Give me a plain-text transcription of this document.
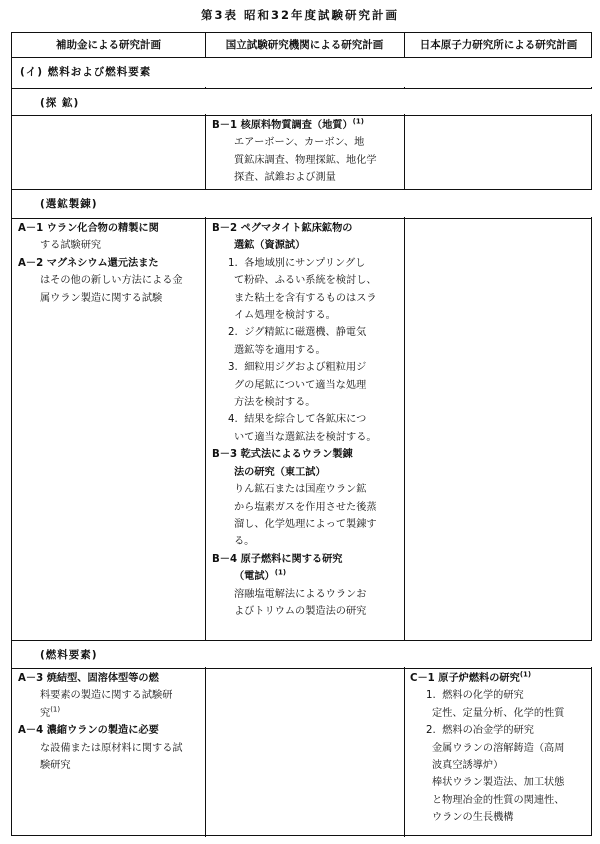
第3表 昭和32年度試験研究計画
補助金による研究計画	国立試験研究機関による研究計画	日本原子力研究所による研究計画
(イ) 燃料および燃料要素
(探 鉱)
B－1 核原料物質調査（地質）$^{(1)}$
エアーボーン、カーボン、地
質鉱床調査、物理探鉱、地化学
探査、試錐および測量
(選鉱製錬)
A－1 ウラン化合物の精製に関
する試験研究
A－2 マグネシウム還元法また
はその他の新しい方法による金
属ウラン製造に関する試験
B－2 ペグマタイト鉱床鉱物の
選鉱（資源試）
1. 各地域別にサンプリングし
て粉砕、ふるい系統を検討し、
また粘土を含有するものはスラ
イム処理を検討する。
2. ジグ精鉱に磁選機、静電気
選鉱等を適用する。
3. 細粒用ジグおよび粗粒用ジ
グの尾鉱について適当な処理
方法を検討する。
4. 結果を綜合して各鉱床につ
いて適当な選鉱法を検討する。
B－3 乾式法によるウラン製錬
法の研究（東工試）
りん鉱石または国産ウラン鉱
から塩素ガスを作用させた後蒸
溜し、化学処理によって製錬す
る。
B－4 原子燃料に関する研究
（電試）$^{(1)}$
溶融塩電解法によるウランお
よびトリウムの製造法の研究
(燃料要素)
A－3 焼結型、固溶体型等の燃
料要素の製造に関する試験研
究$^{(1)}$
A－4 濃縮ウランの製造に必要
な設備または原材料に関する試
験研究
C－1 原子炉燃料の研究$^{(1)}$
1. 燃料の化学的研究
定性、定量分析、化学的性質
2. 燃料の冶金学的研究
金属ウランの溶解鋳造（高周
波真空誘導炉）
棒状ウラン製造法、加工状態
と物理冶金的性質の関連性、
ウランの生長機構
